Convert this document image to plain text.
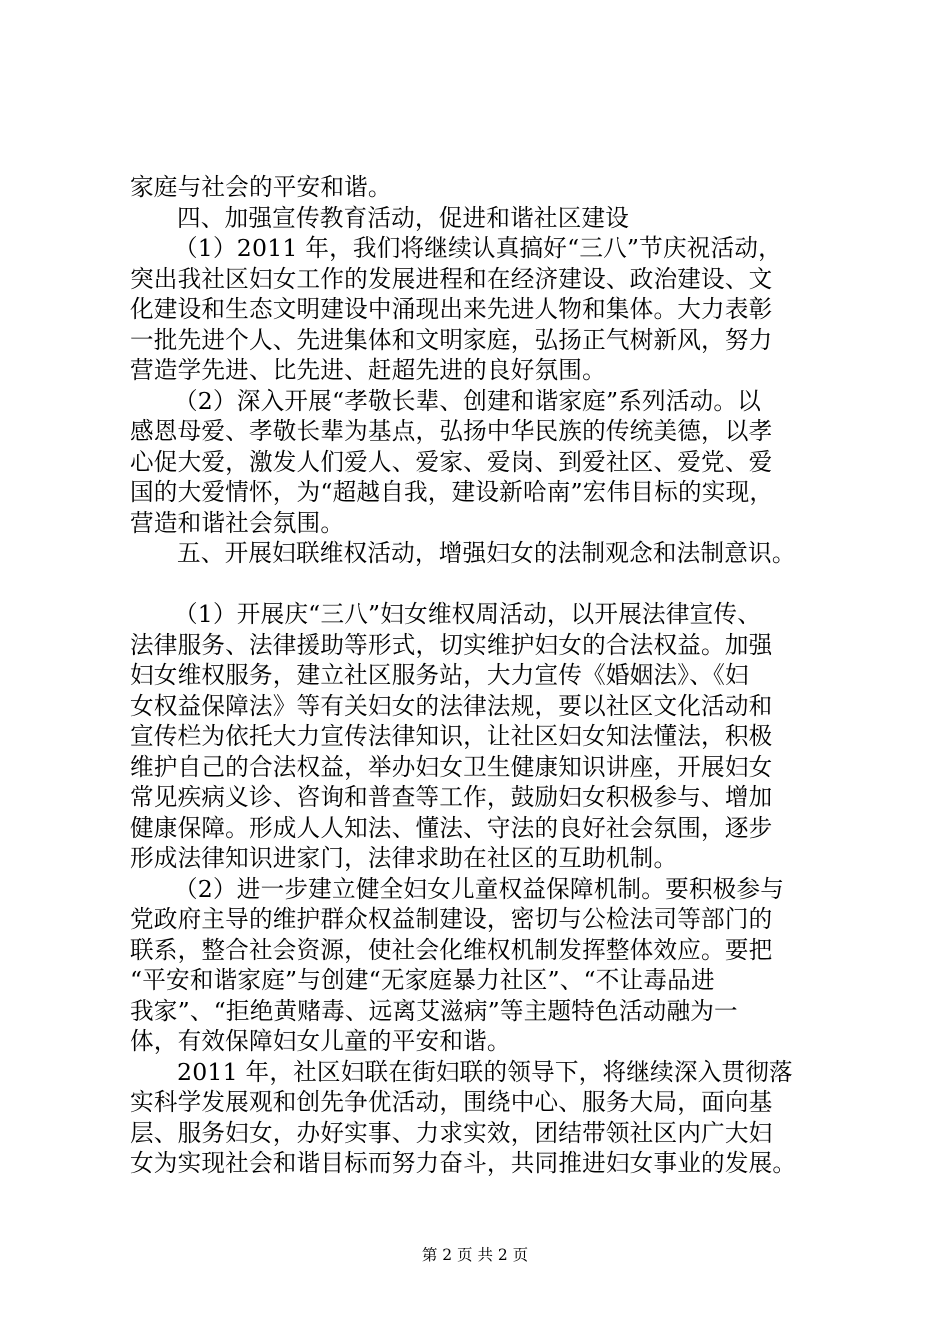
家庭与社会的平安和谐。
四、加强宣传教育活动，促进和谐社区建设
（1）2011 年，我们将继续认真搞好“三八”节庆祝活动，
突出我社区妇女工作的发展进程和在经济建设、政治建设、文
化建设和生态文明建设中涌现出来先进人物和集体。大力表彰
一批先进个人、先进集体和文明家庭，弘扬正气树新风，努力
营造学先进、比先进、赶超先进的良好氛围。
（2）深入开展“孝敬长辈、创建和谐家庭”系列活动。以
感恩母爱、孝敬长辈为基点，弘扬中华民族的传统美德，以孝
心促大爱，激发人们爱人、爱家、爱岗、到爱社区、爱党、爱
国的大爱情怀，为“超越自我，建设新哈南”宏伟目标的实现，
营造和谐社会氛围。
五、开展妇联维权活动，增强妇女的法制观念和法制意识。
（1）开展庆“三八”妇女维权周活动，以开展法律宣传、
法律服务、法律援助等形式，切实维护妇女的合法权益。加强
妇女维权服务，建立社区服务站，大力宣传《婚姻法》、《妇
女权益保障法》等有关妇女的法律法规，要以社区文化活动和
宣传栏为依托大力宣传法律知识，让社区妇女知法懂法，积极
维护自己的合法权益，举办妇女卫生健康知识讲座，开展妇女
常见疾病义诊、咨询和普查等工作，鼓励妇女积极参与、增加
健康保障。形成人人知法、懂法、守法的良好社会氛围，逐步
形成法律知识进家门，法律求助在社区的互助机制。
（2）进一步建立健全妇女儿童权益保障机制。要积极参与
党政府主导的维护群众权益制建设，密切与公检法司等部门的
联系，整合社会资源，使社会化维权机制发挥整体效应。要把
“平安和谐家庭”与创建“无家庭暴力社区”、“不让毒品进
我家”、“拒绝黄赌毒、远离艾滋病”等主题特色活动融为一
体，有效保障妇女儿童的平安和谐。
2011 年，社区妇联在街妇联的领导下，将继续深入贯彻落
实科学发展观和创先争优活动，围绕中心、服务大局，面向基
层、服务妇女，办好实事、力求实效，团结带领社区内广大妇
女为实现社会和谐目标而努力奋斗，共同推进妇女事业的发展。
第 2 页 共 2 页
